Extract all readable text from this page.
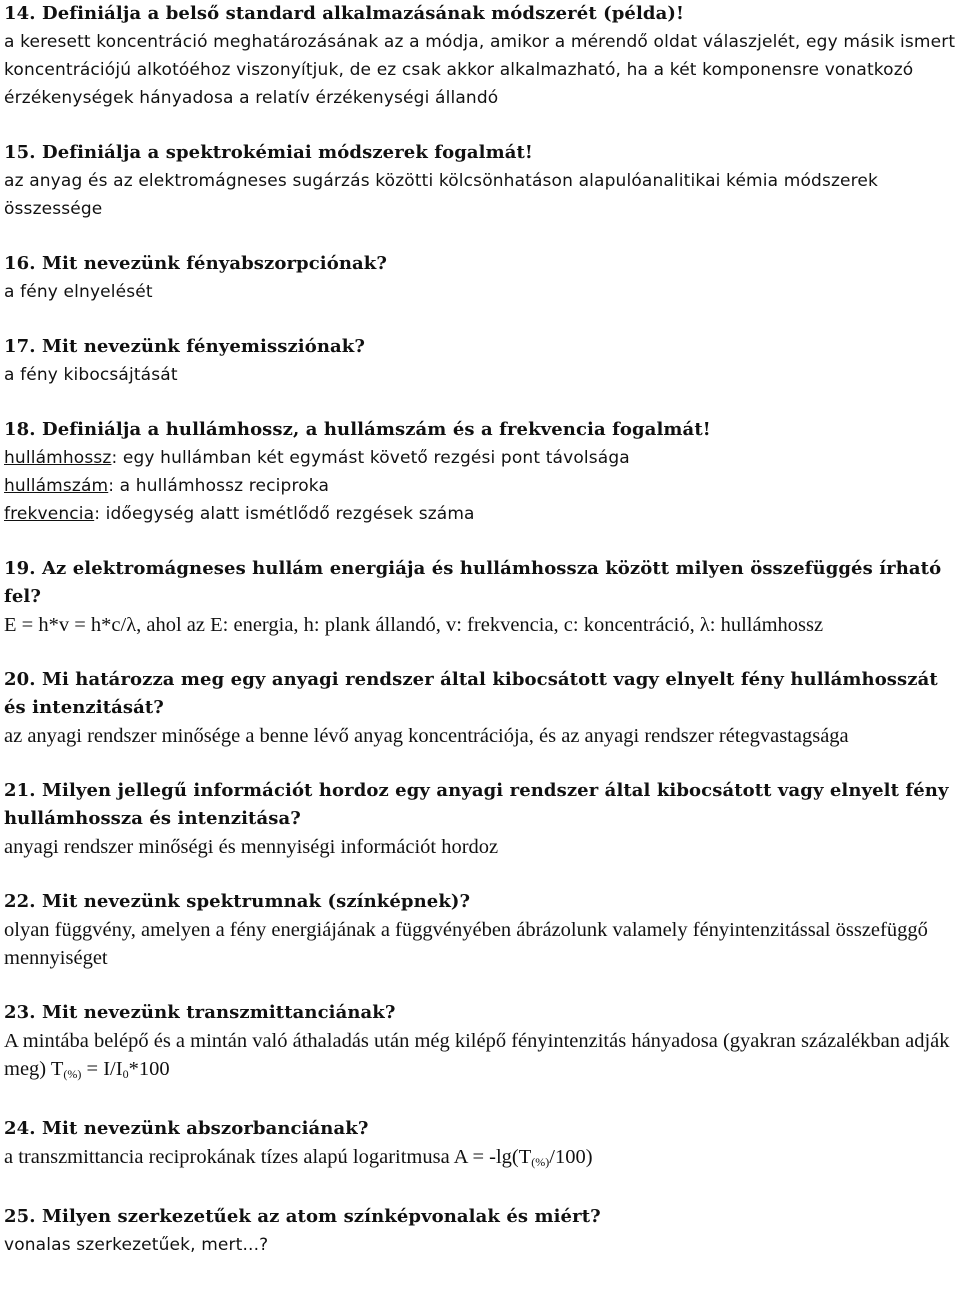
14. Definiálja a belső standard alkalmazásának módszerét (példa)!

a keresett koncentráció meghatározásának az a módja, amikor a mérendő oldat válaszjelét, egy másik ismert koncentrációjú alkotóéhoz viszonyítjuk, de ez csak akkor alkalmazható, ha a két komponensre vonatkozó érzékenységek hányadosa a relatív érzékenységi állandó

15. Definiálja a spektrokémiai módszerek fogalmát!

az anyag és az elektromágneses sugárzás közötti kölcsönhatáson alapulóanalitikai kémia módszerek összessége

16. Mit nevezünk fényabszorpciónak?

a fény elnyelését

17. Mit nevezünk fényemissziónak?

a fény kibocsájtását

18. Definiálja a hullámhossz, a hullámszám és a frekvencia fogalmát!

hullámhossz: egy hullámban két egymást követő rezgési pont távolsága

hullámszám: a hullámhossz reciproka

frekvencia: időegység alatt ismétlődő rezgések száma

19. Az elektromágneses hullám energiája és hullámhossza között milyen összefüggés írható fel?

E = h*v = h*c/λ, ahol az E: energia, h: plank állandó, v: frekvencia, c: koncentráció, λ: hullámhossz

20. Mi határozza meg egy anyagi rendszer által kibocsátott vagy elnyelt fény hullámhosszát és intenzitását?

az anyagi rendszer minősége a benne lévő anyag koncentrációja, és az anyagi rendszer rétegvastagsága

21. Milyen jellegű információt hordoz egy anyagi rendszer által kibocsátott vagy elnyelt fény hullámhossza és intenzitása?

anyagi rendszer minőségi és mennyiségi információt hordoz

22. Mit nevezünk spektrumnak (színképnek)?

olyan függvény, amelyen a fény energiájának a függvényében ábrázolunk valamely fényintenzitással összefüggő mennyiséget

23. Mit nevezünk transzmittanciának?

A mintába belépő és a mintán való áthaladás után még kilépő fényintenzitás hányadosa (gyakran százalékban adják meg) $T_{(\%)} = I/I_0*100$

24. Mit nevezünk abszorbanciának?

a transzmittancia reciprokának tízes alapú logaritmusa $A = -\lg(T_{(\%)}/100)$

25. Milyen szerkezetűek az atom színképvonalak és miért?

vonalas szerkezetűek, mert...?
